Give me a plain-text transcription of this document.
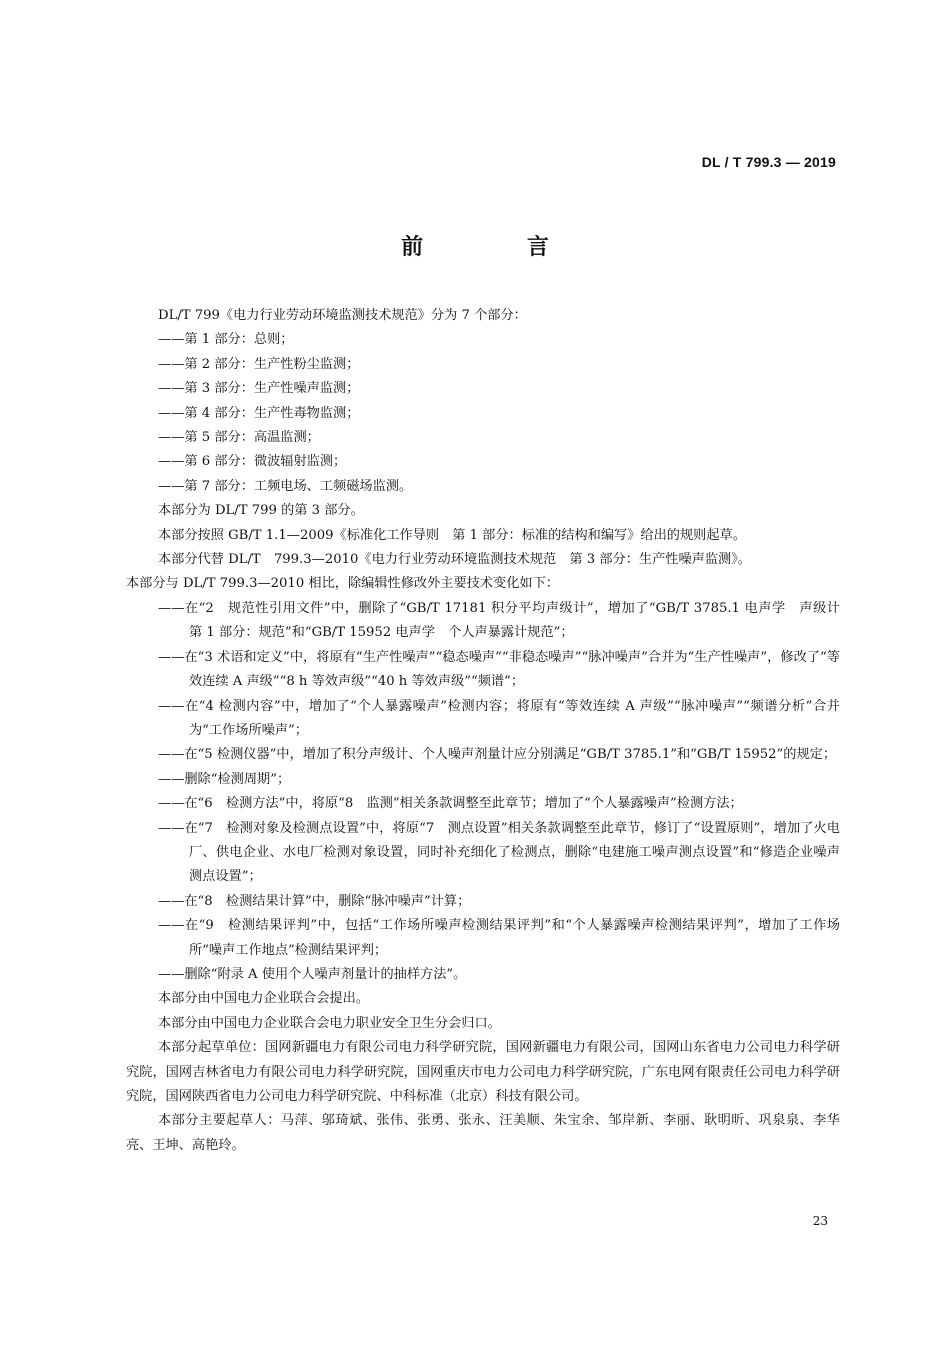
DL / T 799.3 — 2019
前 言

DL/T 799《电力行业劳动环境监测技术规范》分为 7 个部分：

——第 1 部分：总则；

——第 2 部分：生产性粉尘监测；

——第 3 部分：生产性噪声监测；

——第 4 部分：生产性毒物监测；

——第 5 部分：高温监测；

——第 6 部分：微波辐射监测；

——第 7 部分：工频电场、工频磁场监测。

本部分为 DL/T 799 的第 3 部分。

本部分按照 GB/T 1.1—2009《标准化工作导则　第 1 部分：标准的结构和编写》给出的规则起草。

本部分代替 DL/T　799.3—2010《电力行业劳动环境监测技术规范　第 3 部分：生产性噪声监测》。

本部分与 DL/T 799.3—2010 相比，除编辑性修改外主要技术变化如下：

——在“2　规范性引用文件”中，删除了“GB/T 17181 积分平均声级计”，增加了“GB/T 3785.1 电声学　声级计　第 1 部分：规范”和“GB/T 15952 电声学　个人声暴露计规范”；

——在“3 术语和定义”中，将原有“生产性噪声”“稳态噪声”“非稳态噪声”“脉冲噪声”合并为“生产性噪声”，修改了“等效连续 A 声级”“8 h 等效声级”“40 h 等效声级”“频谱”；

——在“4 检测内容”中，增加了“个人暴露噪声”检测内容；将原有“等效连续 A 声级”“脉冲噪声”“频谱分析”合并为“工作场所噪声”；

——在“5 检测仪器”中，增加了积分声级计、个人噪声剂量计应分别满足“GB/T 3785.1”和“GB/T 15952”的规定；

——删除“检测周期”；

——在“6　检测方法”中，将原“8　监测”相关条款调整至此章节；增加了“个人暴露噪声”检测方法；

——在“7　检测对象及检测点设置”中，将原“7　测点设置”相关条款调整至此章节，修订了“设置原则”，增加了火电厂、供电企业、水电厂检测对象设置，同时补充细化了检测点，删除“电建施工噪声测点设置”和“修造企业噪声测点设置”；

——在“8　检测结果计算”中，删除“脉冲噪声”计算；

——在“9　检测结果评判”中，包括“工作场所噪声检测结果评判”和“个人暴露噪声检测结果评判”，增加了工作场所“噪声工作地点”检测结果评判；

——删除“附录 A 使用个人噪声剂量计的抽样方法”。

本部分由中国电力企业联合会提出。

本部分由中国电力企业联合会电力职业安全卫生分会归口。

本部分起草单位：国网新疆电力有限公司电力科学研究院，国网新疆电力有限公司，国网山东省电力公司电力科学研究院，国网吉林省电力有限公司电力科学研究院，国网重庆市电力公司电力科学研究院，广东电网有限责任公司电力科学研究院，国网陕西省电力公司电力科学研究院、中科标准（北京）科技有限公司。

本部分主要起草人：马萍、邬琦斌、张伟、张勇、张永、汪美顺、朱宝余、邹岸新、李丽、耿明昕、巩泉泉、李华亮、王坤、高艳玲。

23
